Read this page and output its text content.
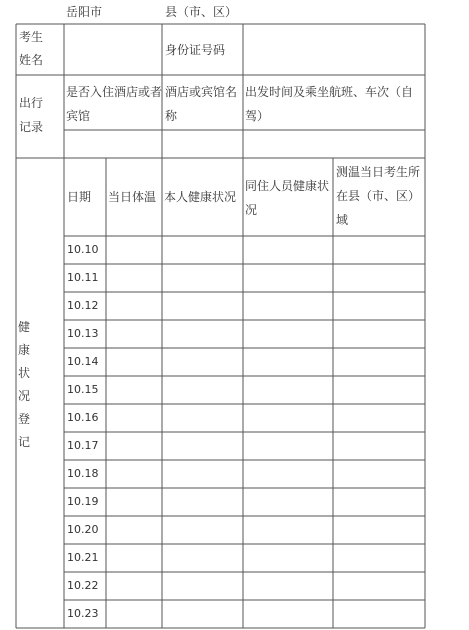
岳阳市	县（市、区）
考生姓名
身份证号码
出行记录
是否入住酒店或者宾馆
酒店或宾馆名称
出发时间及乘坐航班、车次（自驾）
健康状况登记
日期 当日体温 本人健康状况
同住人员健康状况
测温当日考生所在县（市、区）域
10.10
10.11
10.12
10.13
10.14
10.15
10.16
10.17
10.18
10.19
10.20
10.21
10.22
10.23
